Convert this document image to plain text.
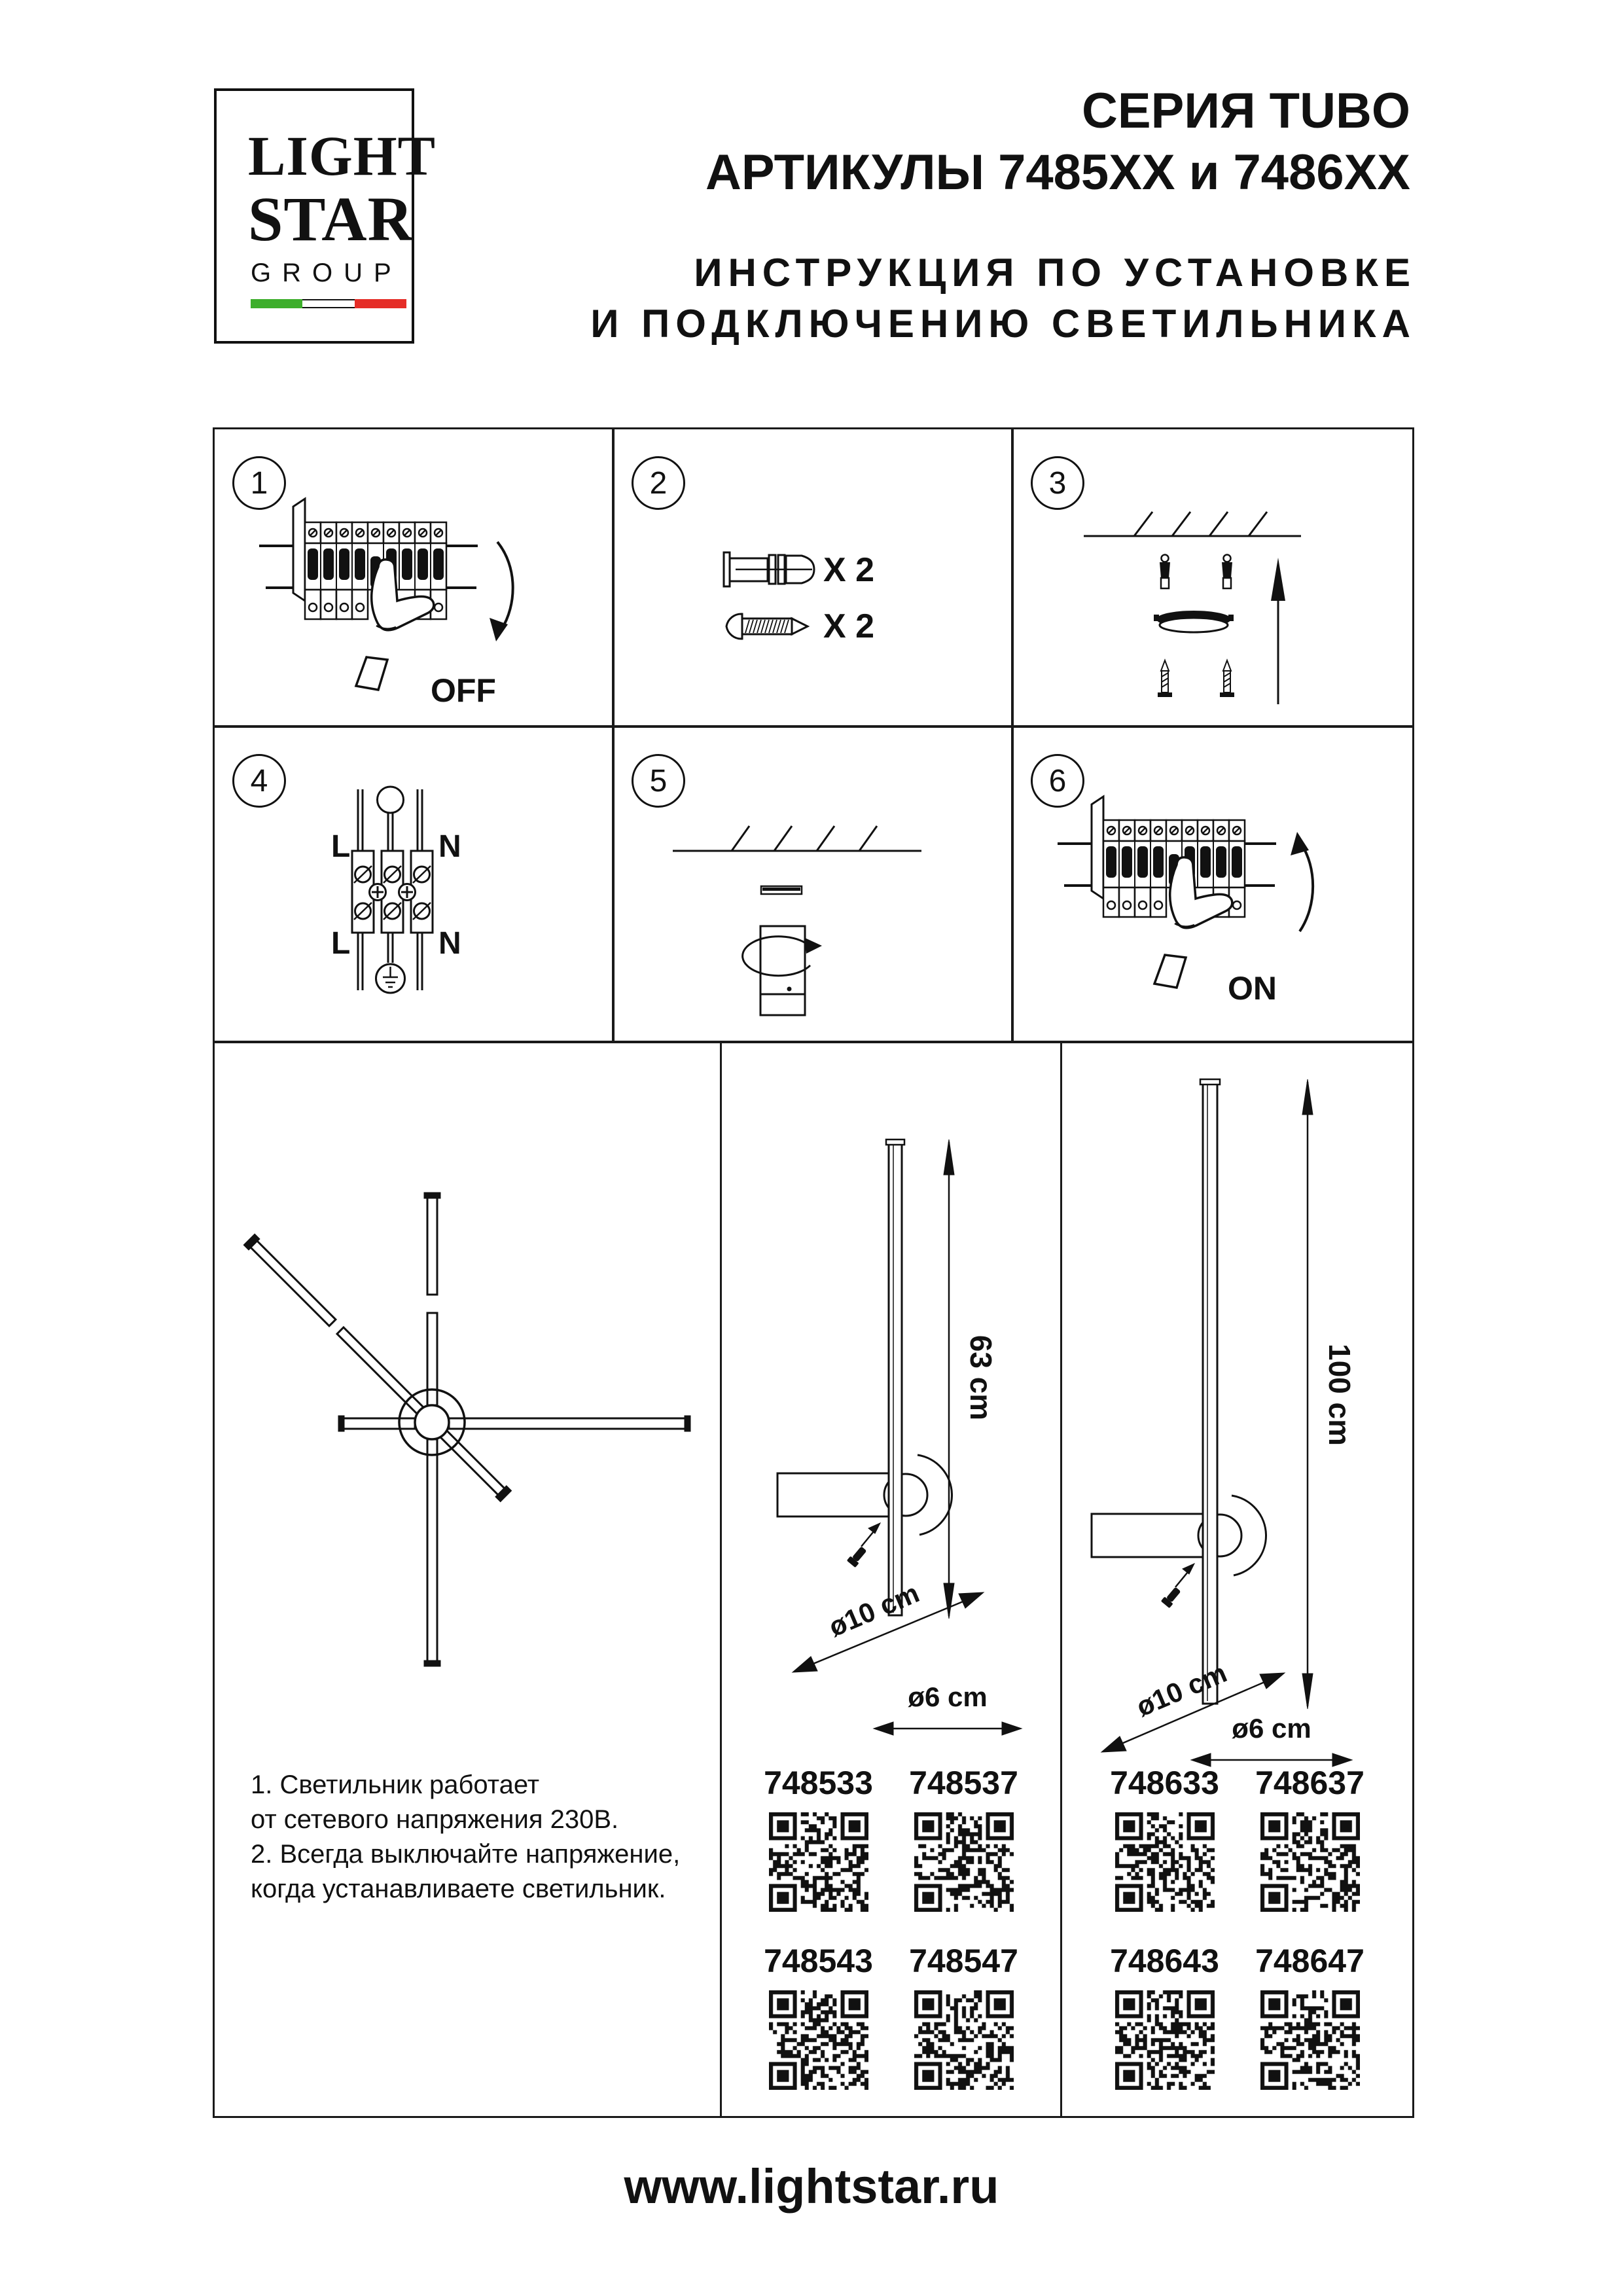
LIGHT
STAR
GROUP
СЕРИЯ TUBO
АРТИКУЛЫ 7485ХХ и 7486ХХ
ИНСТРУКЦИЯ ПО УСТАНОВКЕ
И ПОДКЛЮЧЕНИЮ СВЕТИЛЬНИКА
1
OFF
2
X 2
X 2
3
4
L	N
L	N
5	6
ON
1. Светильник работает
от сетевого напряжения 230В.
2. Всегда выключайте напряжение,
когда устанавливаете светильник.
63 cm
ø10 cm
ø6 cm
748533 748537
748543 748547
100 cm
ø10 cm
ø6 cm
748633 748637
748643 748647
www.lightstar.ru
